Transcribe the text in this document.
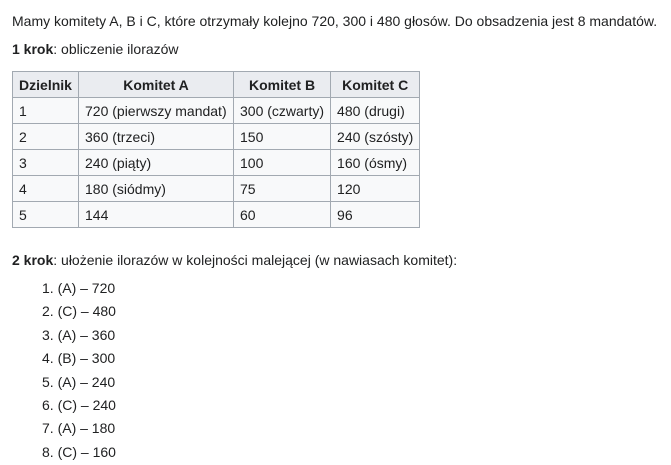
Mamy komitety A, B i C, które otrzymały kolejno 720, 300 i 480 głosów. Do obsadzenia jest 8 mandatów.

1 krok: obliczenie ilorazów

Dzielnik	Komitet A	Komitet B	Komitet C
1	720 (pierwszy mandat)	300 (czwarty)	480 (drugi)
2	360 (trzeci)	150	240 (szósty)
3	240 (piąty)	100	160 (ósmy)
4	180 (siódmy)	75	120
5	144	60	96

2 krok: ułożenie ilorazów w kolejności malejącej (w nawiasach komitet):

1. (A) – 720
2. (C) – 480
3. (A) – 360
4. (B) – 300
5. (A) – 240
6. (C) – 240
7. (A) – 180
8. (C) – 160
